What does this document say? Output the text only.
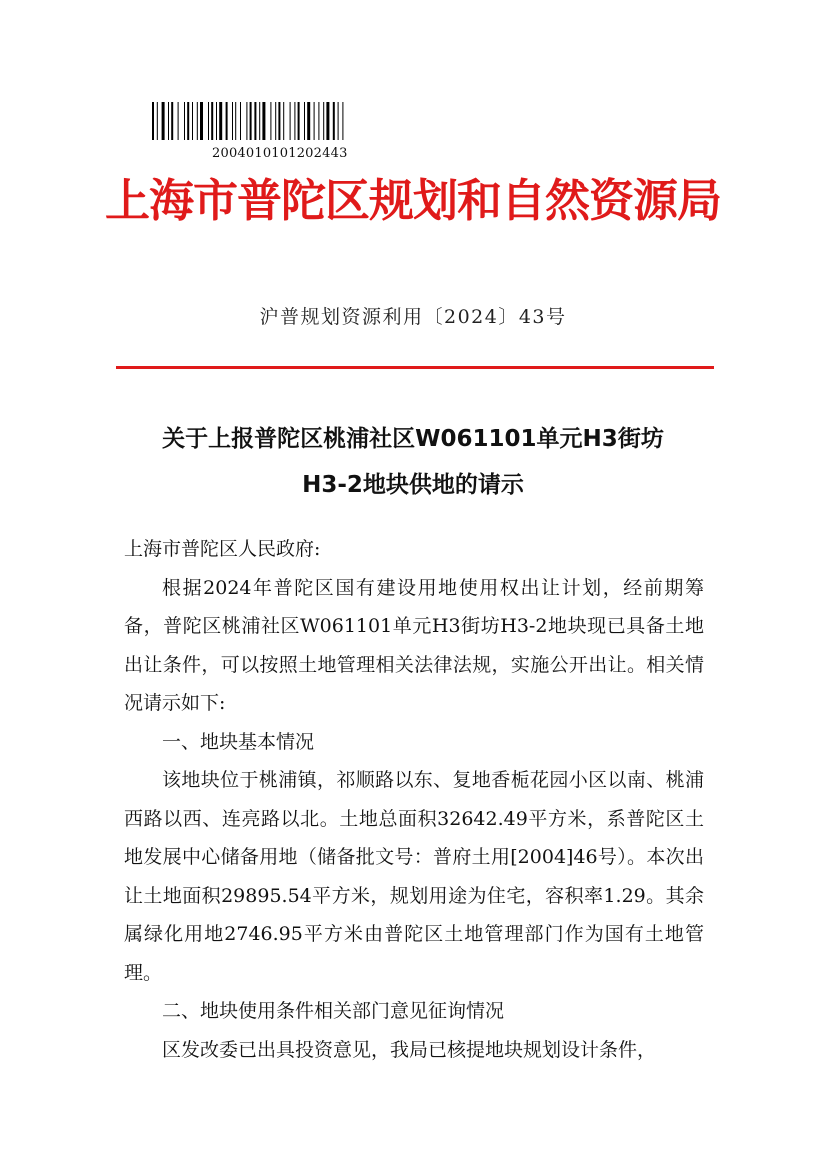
2004010101202443
上海市普陀区规划和自然资源局
沪普规划资源利用〔2024〕43号
关于上报普陀区桃浦社区W061101单元H3街坊
H3-2地块供地的请示

上海市普陀区人民政府:

根据2024年普陀区国有建设用地使用权出让计划，经前期筹备，普陀区桃浦社区W061101单元H3街坊H3-2地块现已具备土地出让条件，可以按照土地管理相关法律法规，实施公开出让。相关情况请示如下:

一、地块基本情况

该地块位于桃浦镇，祁顺路以东、复地香栀花园小区以南、桃浦西路以西、连亮路以北。土地总面积32642.49平方米，系普陀区土地发展中心储备用地（储备批文号：普府土用[2004]46号）。本次出让土地面积29895.54平方米，规划用途为住宅，容积率1.29。其余属绿化用地2746.95平方米由普陀区土地管理部门作为国有土地管理。

二、地块使用条件相关部门意见征询情况

区发改委已出具投资意见，我局已核提地块规划设计条件，
